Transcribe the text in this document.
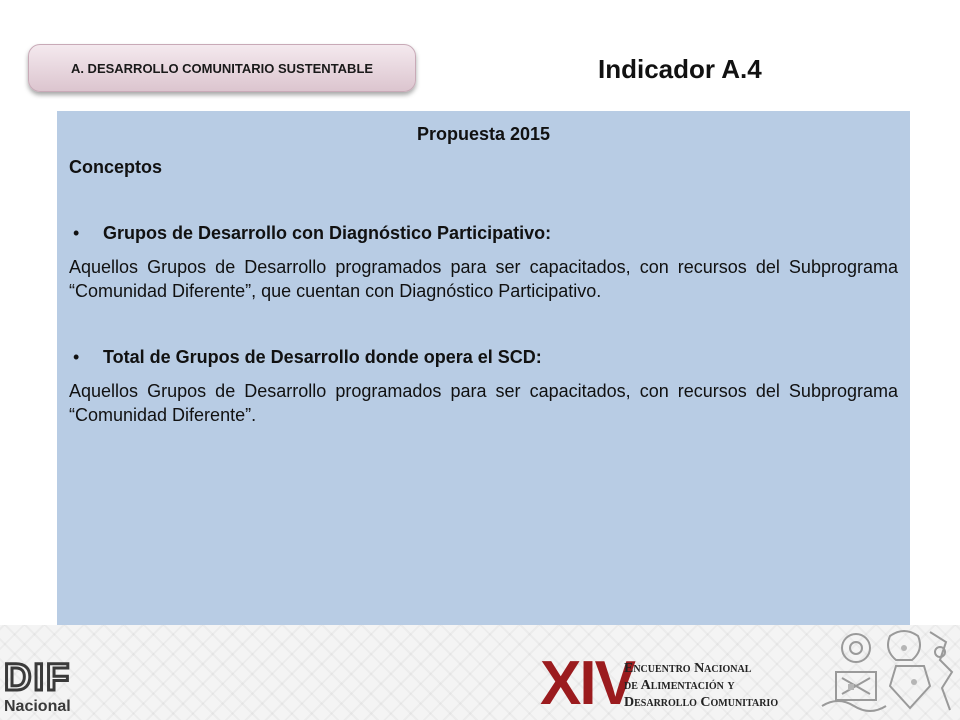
A. DESARROLLO COMUNITARIO SUSTENTABLE	Indicador A.4

Propuesta 2015

Conceptos

• Grupos de Desarrollo con Diagnóstico Participativo:

Aquellos Grupos de Desarrollo programados para ser capacitados, con recursos del Subprograma “Comunidad Diferente”, que cuentan con Diagnóstico Participativo.

• Total de Grupos de Desarrollo donde opera el SCD:

Aquellos Grupos de Desarrollo programados para ser capacitados, con recursos del Subprograma “Comunidad Diferente”.

DIF
Nacional	XIV
Encuentro Nacional
de Alimentación y
Desarrollo Comunitario
